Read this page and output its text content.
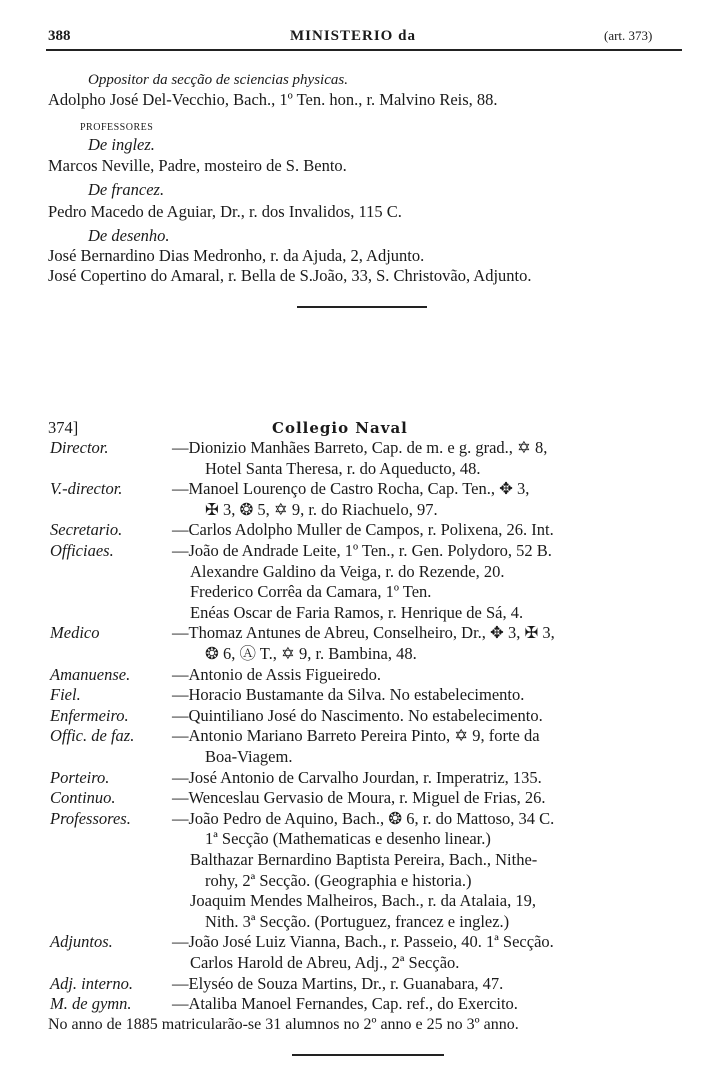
388	MINISTERIO da	(art. 373)
Oppositor da secção de sciencias physicas.
Adolpho José Del-Vecchio, Bach., 1º Ten. hon., r. Malvino Reis, 88.
PROFESSORES
De inglez.
Marcos Neville, Padre, mosteiro de S. Bento.
De francez.
Pedro Macedo de Aguiar, Dr., r. dos Invalidos, 115 C.
De desenho.
José Bernardino Dias Medronho, r. da Ajuda, 2, Adjunto.
José Copertino do Amaral, r. Bella de S.João, 33, S. Christovão, Adjunto.
374]	Collegio Naval
Director.	—Dionizio Manhães Barreto, Cap. de m. e g. grad., ✡ 8,
Hotel Santa Theresa, r. do Aqueducto, 48.
V.-director.	—Manoel Lourenço de Castro Rocha, Cap. Ten., ✥ 3,
✠ 3, ❂ 5, ✡ 9, r. do Riachuelo, 97.
Secretario.	—Carlos Adolpho Muller de Campos, r. Polixena, 26. Int.
Officiaes.	—João de Andrade Leite, 1º Ten., r. Gen. Polydoro, 52 B.
Alexandre Galdino da Veiga, r. do Rezende, 20.
Frederico Corrêa da Camara, 1º Ten.
Enéas Oscar de Faria Ramos, r. Henrique de Sá, 4.
Medico	—Thomaz Antunes de Abreu, Conselheiro, Dr., ✥ 3, ✠ 3,
❂ 6, Ⓐ T., ✡ 9, r. Bambina, 48.
Amanuense.	—Antonio de Assis Figueiredo.
Fiel.	—Horacio Bustamante da Silva. No estabelecimento.
Enfermeiro.	—Quintiliano José do Nascimento. No estabelecimento.
Offic. de faz. —Antonio Mariano Barreto Pereira Pinto, ✡ 9, forte da
Boa-Viagem.
Porteiro.	—José Antonio de Carvalho Jourdan, r. Imperatriz, 135.
Continuo.	—Wenceslau Gervasio de Moura, r. Miguel de Frias, 26.
Professores. —João Pedro de Aquino, Bach., ❂ 6, r. do Mattoso, 34 C.
1ª Secção (Mathematicas e desenho linear.)
Balthazar Bernardino Baptista Pereira, Bach., Nithe-
rohy, 2ª Secção. (Geographia e historia.)
Joaquim Mendes Malheiros, Bach., r. da Atalaia, 19,
Nith. 3ª Secção. (Portuguez, francez e inglez.)
Adjuntos.	—João José Luiz Vianna, Bach., r. Passeio, 40. 1ª Secção.
Carlos Harold de Abreu, Adj., 2ª Secção.
Adj. interno. —Elyséo de Souza Martins, Dr., r. Guanabara, 47.
M. de gymn. —Ataliba Manoel Fernandes, Cap. ref., do Exercito.
No anno de 1885 matricularão-se 31 alumnos no 2º anno e 25 no 3º anno.
